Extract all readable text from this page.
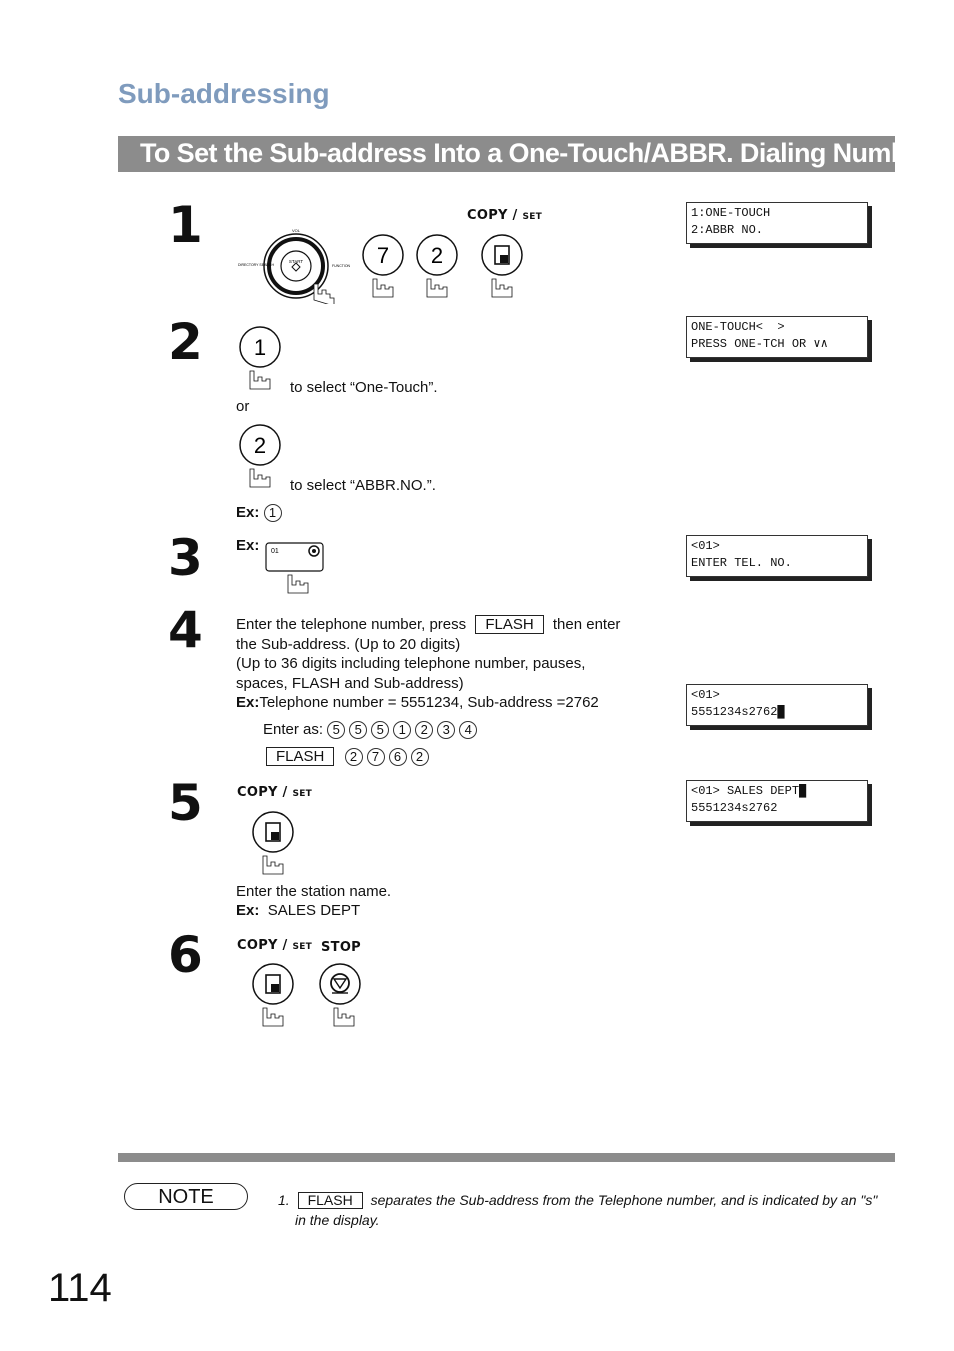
Sub-addressing
To Set the Sub-address Into a One-Touch/ABBR. Dialing Numbers
1
START
VOL
DIRECTORY SEARCH	FUNCTION 7 2
COPY / SET	1:ONE-TOUCH
2:ABBR NO.
2 1
to select “One-Touch”.
or
2
to select “ABBR.NO.”.
Ex: 1
ONE-TOUCH<  >
PRESS ONE-TCH OR ∨∧
3 Ex: 01	<01>
ENTER TEL. NO.
4 Enter the telephone number, press FLASH then enter
the Sub-address. (Up to 20 digits)
(Up to 36 digits including telephone number, pauses,
spaces, FLASH and Sub-address)
Ex:Telephone number = 5551234, Sub-address =2762
Enter as: 5 5 5 1 2 3 4
FLASH 2 7 6 2
<01>
5551234s2762█
5	COPY / SET
Enter the station name.
Ex: SALES DEPT
<01> SALES DEPT█
5551234s2762
6	COPY / SET STOP
NOTE	1. FLASH separates the Sub-address from the Telephone number, and is indicated by an "s"
in the display.
114
